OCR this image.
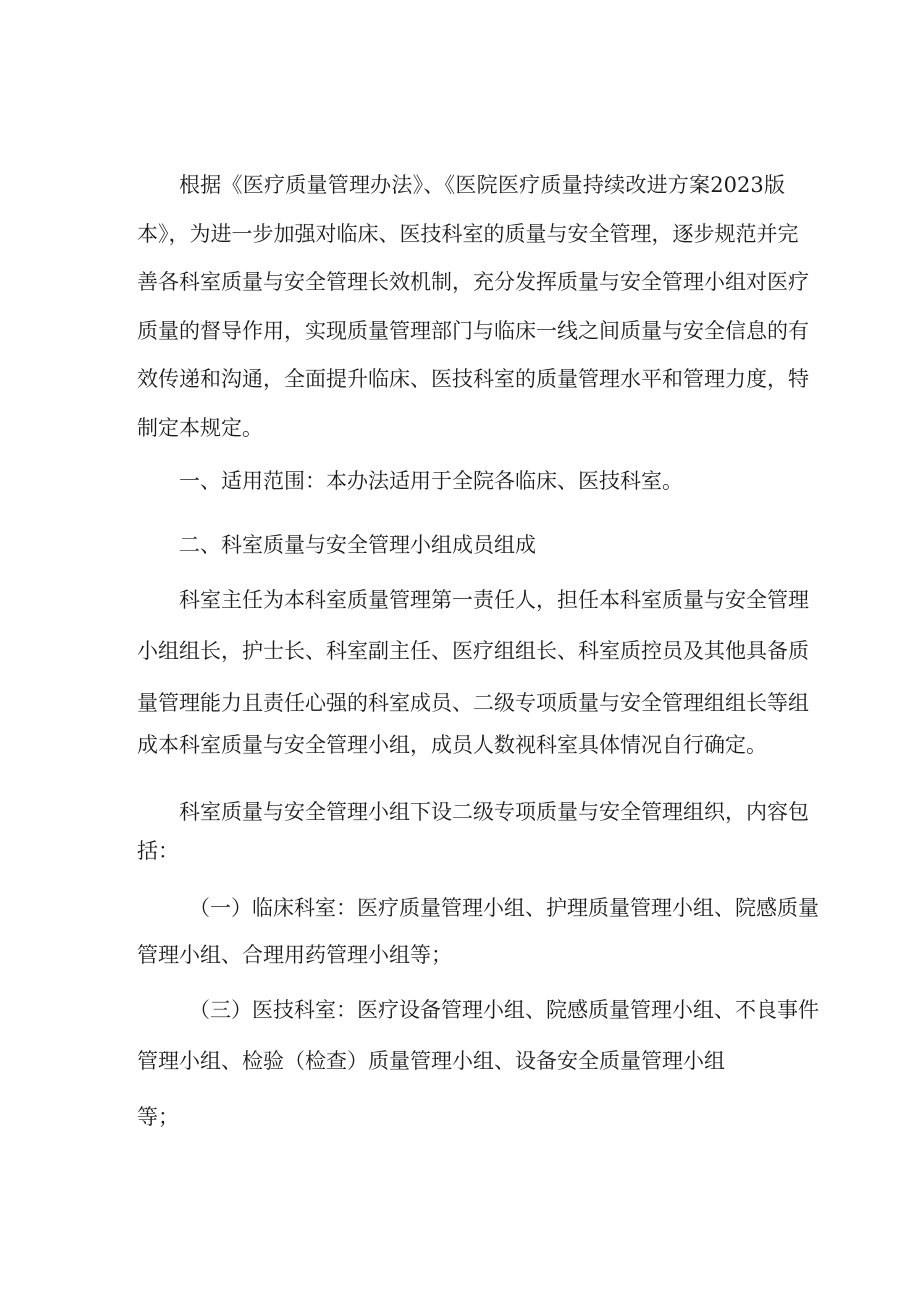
根据《医疗质量管理办法》、《医院医疗质量持续改进方案2023版

本》，为进一步加强对临床、医技科室的质量与安全管理，逐步规范并完

善各科室质量与安全管理长效机制，充分发挥质量与安全管理小组对医疗

质量的督导作用，实现质量管理部门与临床一线之间质量与安全信息的有

效传递和沟通，全面提升临床、医技科室的质量管理水平和管理力度，特

制定本规定。

一、适用范围：本办法适用于全院各临床、医技科室。

二、科室质量与安全管理小组成员组成

科室主任为本科室质量管理第一责任人，担任本科室质量与安全管理

小组组长，护士长、科室副主任、医疗组组长、科室质控员及其他具备质

量管理能力且责任心强的科室成员、二级专项质量与安全管理组组长等组

成本科室质量与安全管理小组，成员人数视科室具体情况自行确定。

科室质量与安全管理小组下设二级专项质量与安全管理组织，内容包

括：

（一）临床科室：医疗质量管理小组、护理质量管理小组、院感质量

管理小组、合理用药管理小组等；

（三）医技科室：医疗设备管理小组、院感质量管理小组、不良事件

管理小组、检验（检查）质量管理小组、设备安全质量管理小组

等；
